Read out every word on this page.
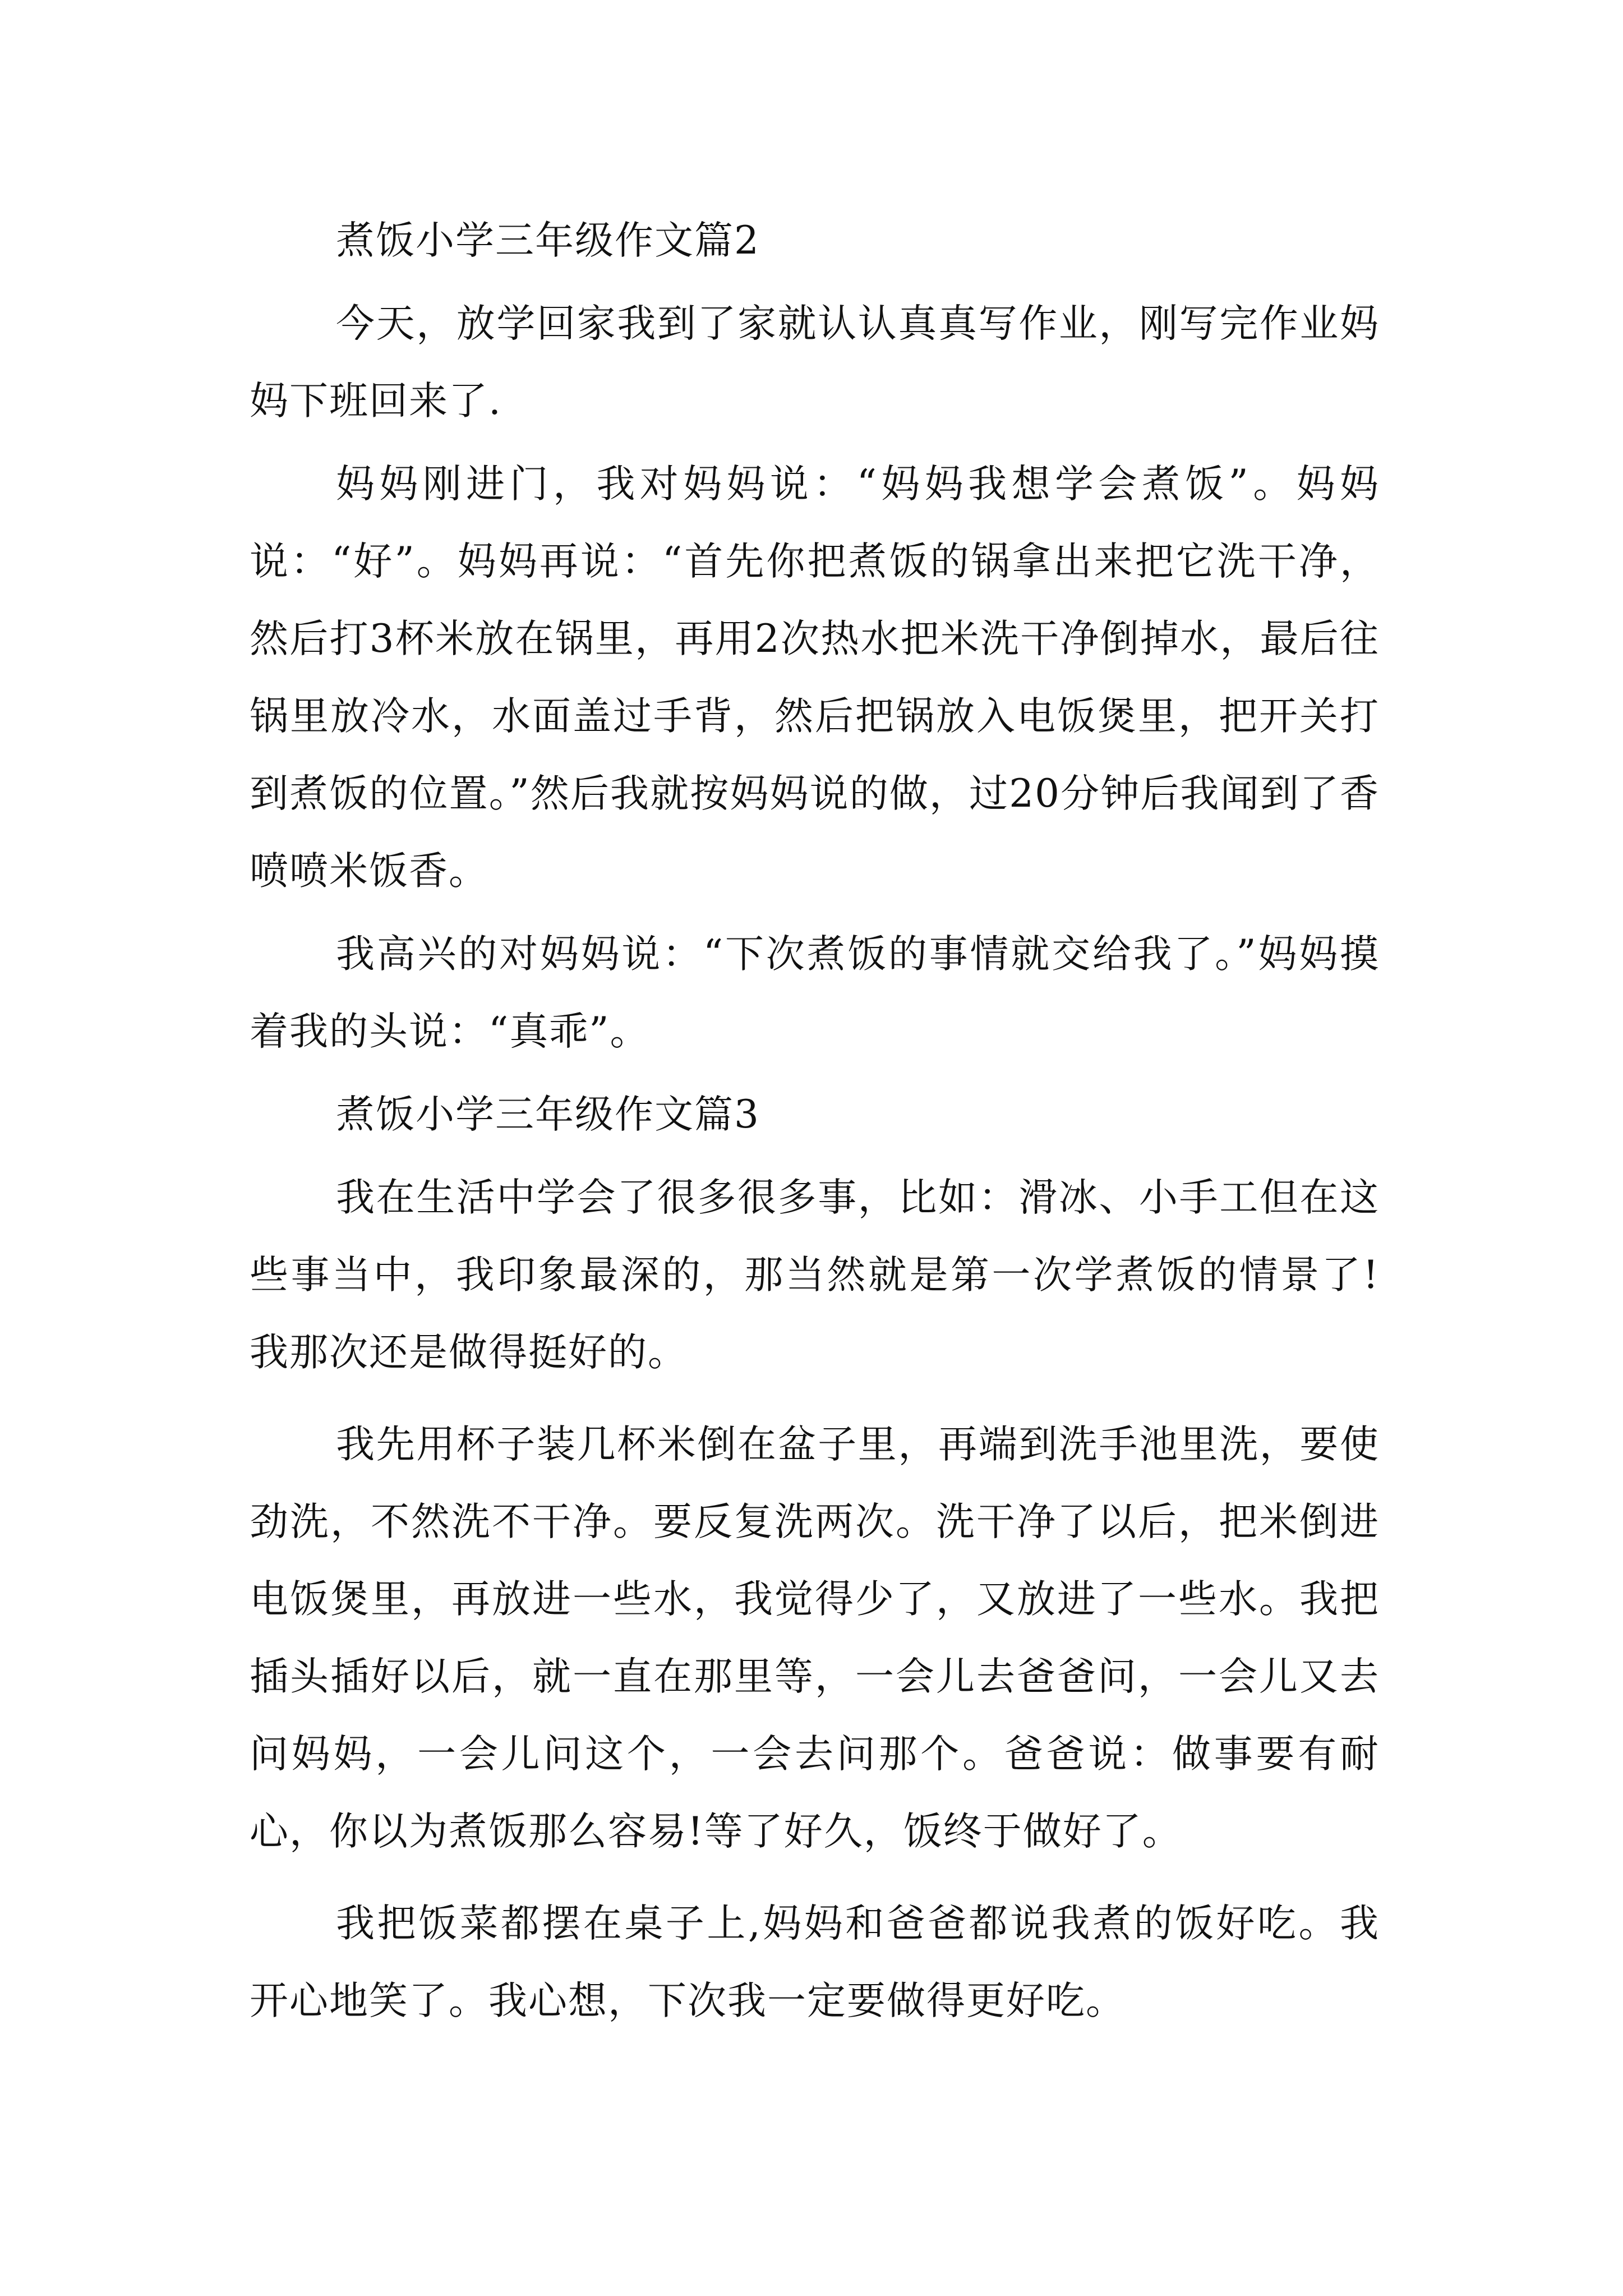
煮饭小学三年级作文篇2

今天，放学回家我到了家就认认真真写作业，刚写完作业妈妈下班回来了.

妈妈刚进门，我对妈妈说：“妈妈我想学会煮饭”。妈妈说：“好”。妈妈再说：“首先你把煮饭的锅拿出来把它洗干净，然后打3杯米放在锅里，再用2次热水把米洗干净倒掉水，最后往锅里放冷水，水面盖过手背，然后把锅放入电饭煲里，把开关打到煮饭的位置。”然后我就按妈妈说的做，过20分钟后我闻到了香喷喷米饭香。

我高兴的对妈妈说：“下次煮饭的事情就交给我了。”妈妈摸着我的头说：“真乖”。

煮饭小学三年级作文篇3

我在生活中学会了很多很多事，比如：滑冰、小手工但在这些事当中，我印象最深的，那当然就是第一次学煮饭的情景了!我那次还是做得挺好的。

我先用杯子装几杯米倒在盆子里，再端到洗手池里洗，要使劲洗，不然洗不干净。要反复洗两次。洗干净了以后，把米倒进电饭煲里，再放进一些水，我觉得少了，又放进了一些水。我把插头插好以后，就一直在那里等，一会儿去爸爸问，一会儿又去问妈妈，一会儿问这个，一会去问那个。爸爸说：做事要有耐心，你以为煮饭那么容易!等了好久，饭终于做好了。

我把饭菜都摆在桌子上,妈妈和爸爸都说我煮的饭好吃。我开心地笑了。我心想，下次我一定要做得更好吃。
